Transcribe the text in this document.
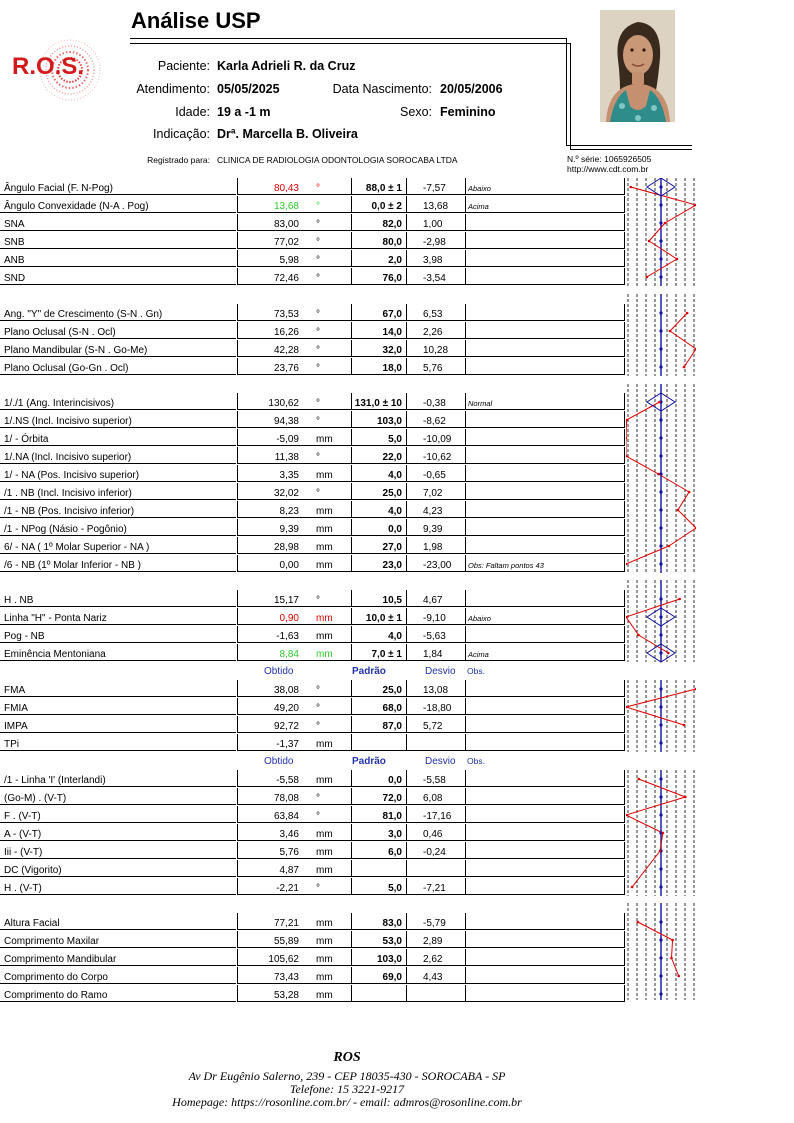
Análise USP
R.O.S.	Paciente: Karla Adrieli R. da Cruz
Atendimento: 05/05/2025	Data Nascimento: 20/05/2006
Idade: 19 a -1 m	Sexo: Feminino
Indicação: Drª. Marcella B. Oliveira
Registrado para: CLINICA DE RADIOLOGIA ODONTOLOGIA SOROCABA LTDA	N.º série: 1065926505
http://www.cdt.com.br
Ângulo Facial (F. N-Pog)	80,43 °	88,0 ± 1	-7,57	Abaixo
Ângulo Convexidade (N-A . Pog)	13,68 °	0,0 ± 2	13,68	Acima
SNA	83,00 °	82,0	1,00
SNB	77,02 °	80,0	-2,98
ANB	5,98 °	2,0	3,98
SND	72,46 °	76,0	-3,54
Ang. "Y" de Crescimento (S-N . Gn)	73,53 °	67,0	6,53
Plano Oclusal (S-N . Ocl)	16,26 °	14,0	2,26
Plano Mandibular (S-N . Go-Me)	42,28 °	32,0	10,28
Plano Oclusal (Go-Gn . Ocl)	23,76 °	18,0	5,76
1/./1 (Ang. Interincisivos)	130,62 °	131,0 ± 10	-0,38	Normal
1/.NS (Incl. Incisivo superior)	94,38 °	103,0	-8,62
1/ - Órbita	-5,09 mm	5,0	-10,09
1/.NA (Incl. Incisivo superior)	11,38 °	22,0	-10,62
1/ - NA (Pos. Incisivo superior)	3,35 mm	4,0	-0,65
/1 . NB (Incl. Incisivo inferior)	32,02 °	25,0	7,02
/1 - NB (Pos. Incisivo inferior)	8,23 mm	4,0	4,23
/1 - NPog (Násio - Pogônio)	9,39 mm	0,0	9,39
6/ - NA ( 1º Molar Superior - NA )	28,98 mm	27,0	1,98
/6 - NB (1º Molar Inferior - NB )	0,00 mm	23,0	-23,00	Obs: Faltam pontos 43
H . NB	15,17 °	10,5	4,67
Linha "H" - Ponta Nariz	0,90 mm	10,0 ± 1	-9,10	Abaixo
Pog - NB	-1,63 mm	4,0	-5,63
Eminência Mentoniana	8,84 mm	7,0 ± 1	1,84	Acima
FMA	38,08 °	25,0	13,08
FMIA	49,20 °	68,0	-18,80
IMPA	92,72 °	87,0	5,72
TPi	-1,37 mm
/1 - Linha 'I' (Interlandi)	-5,58 mm	0,0	-5,58
(Go-M) . (V-T)	78,08 °	72,0	6,08
F . (V-T)	63,84 °	81,0	-17,16
A - (V-T)	3,46 mm	3,0	0,46
Iii - (V-T)	5,76 mm	6,0	-0,24
DC (Vigorito)	4,87 mm
H . (V-T)	-2,21 °	5,0	-7,21
Altura Facial	77,21 mm	83,0	-5,79
Comprimento Maxilar	55,89 mm	53,0	2,89
Comprimento Mandibular	105,62 mm	103,0	2,62
Comprimento do Corpo	73,43 mm	69,0	4,43
Comprimento do Ramo	53,28 mm
Obtido	Padrão	Desvio Obs.
Obtido	Padrão	Desvio Obs.
ROS
Av Dr Eugênio Salerno, 239 - CEP 18035-430 - SOROCABA - SP
Telefone: 15 3221-9217
Homepage: https://rosonline.com.br/ - email: admros@rosonline.com.br
